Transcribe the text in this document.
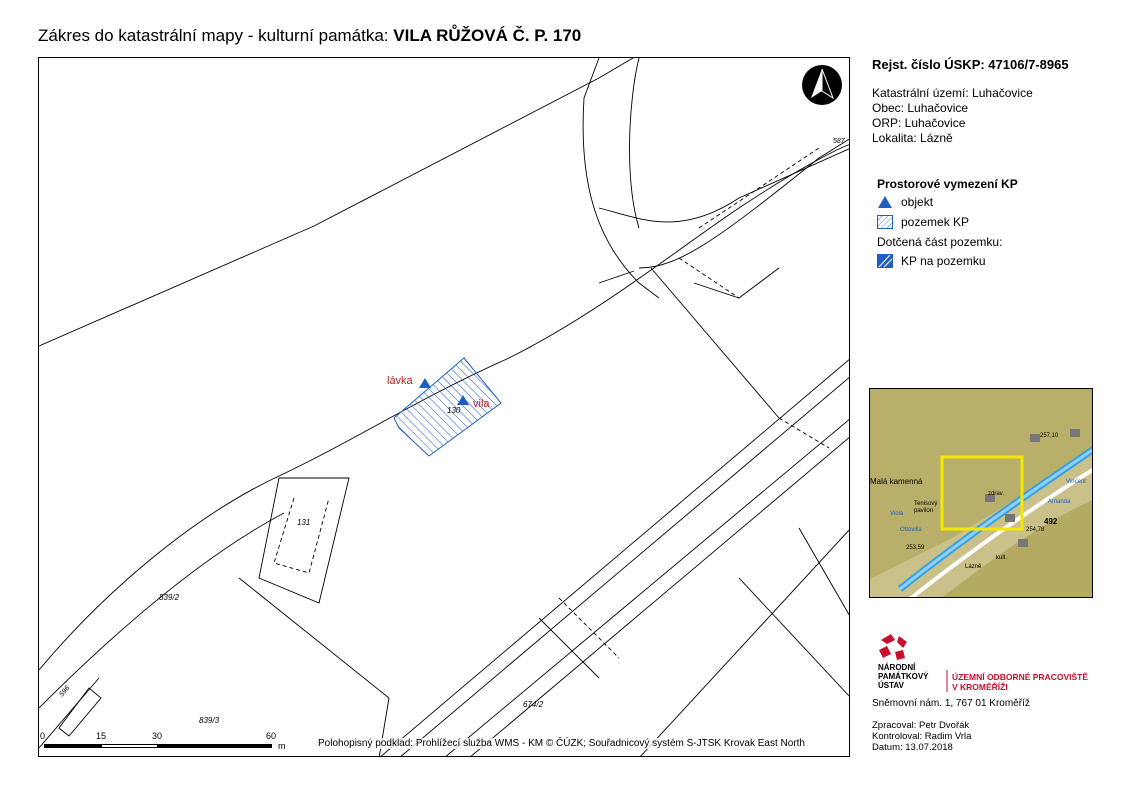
Zákres do katastrální mapy - kulturní památka: VILA RŮŽOVÁ Č. P. 170
lávka
vila
130
131
587
839/2
839/3
674/2
596
0	15	30	60
m	Polohopisný podklad: Prohlížecí služba WMS - KM © ČÚZK; Souřadnicový systém S-JTSK Krovak East North
Rejst. číslo ÚSKP: 47106/7-8965
Katastrální území: Luhačovice
Obec: Luhačovice
ORP: Luhačovice
Lokalita: Lázně
Prostorové vymezení KP
objekt
pozemek KP
Dotčená část pozemku:
KP na pozemku
Malá kamenná
Tenisový pavilon
Viola
Ottovilla
Lázně
zdrav.
kult.
257,10
253,59
254,78
492
Amanda
Vincent
NÁRODNÍ
PAMÁTKOVÝ
ÚSTAV
ÚZEMNÍ ODBORNÉ PRACOVIŠTĚ
V KROMĚŘÍŽI
Sněmovní nám. 1, 767 01 Kroměříž
Zpracoval: Petr Dvořák
Kontroloval: Radim Vrla
Datum: 13.07.2018
